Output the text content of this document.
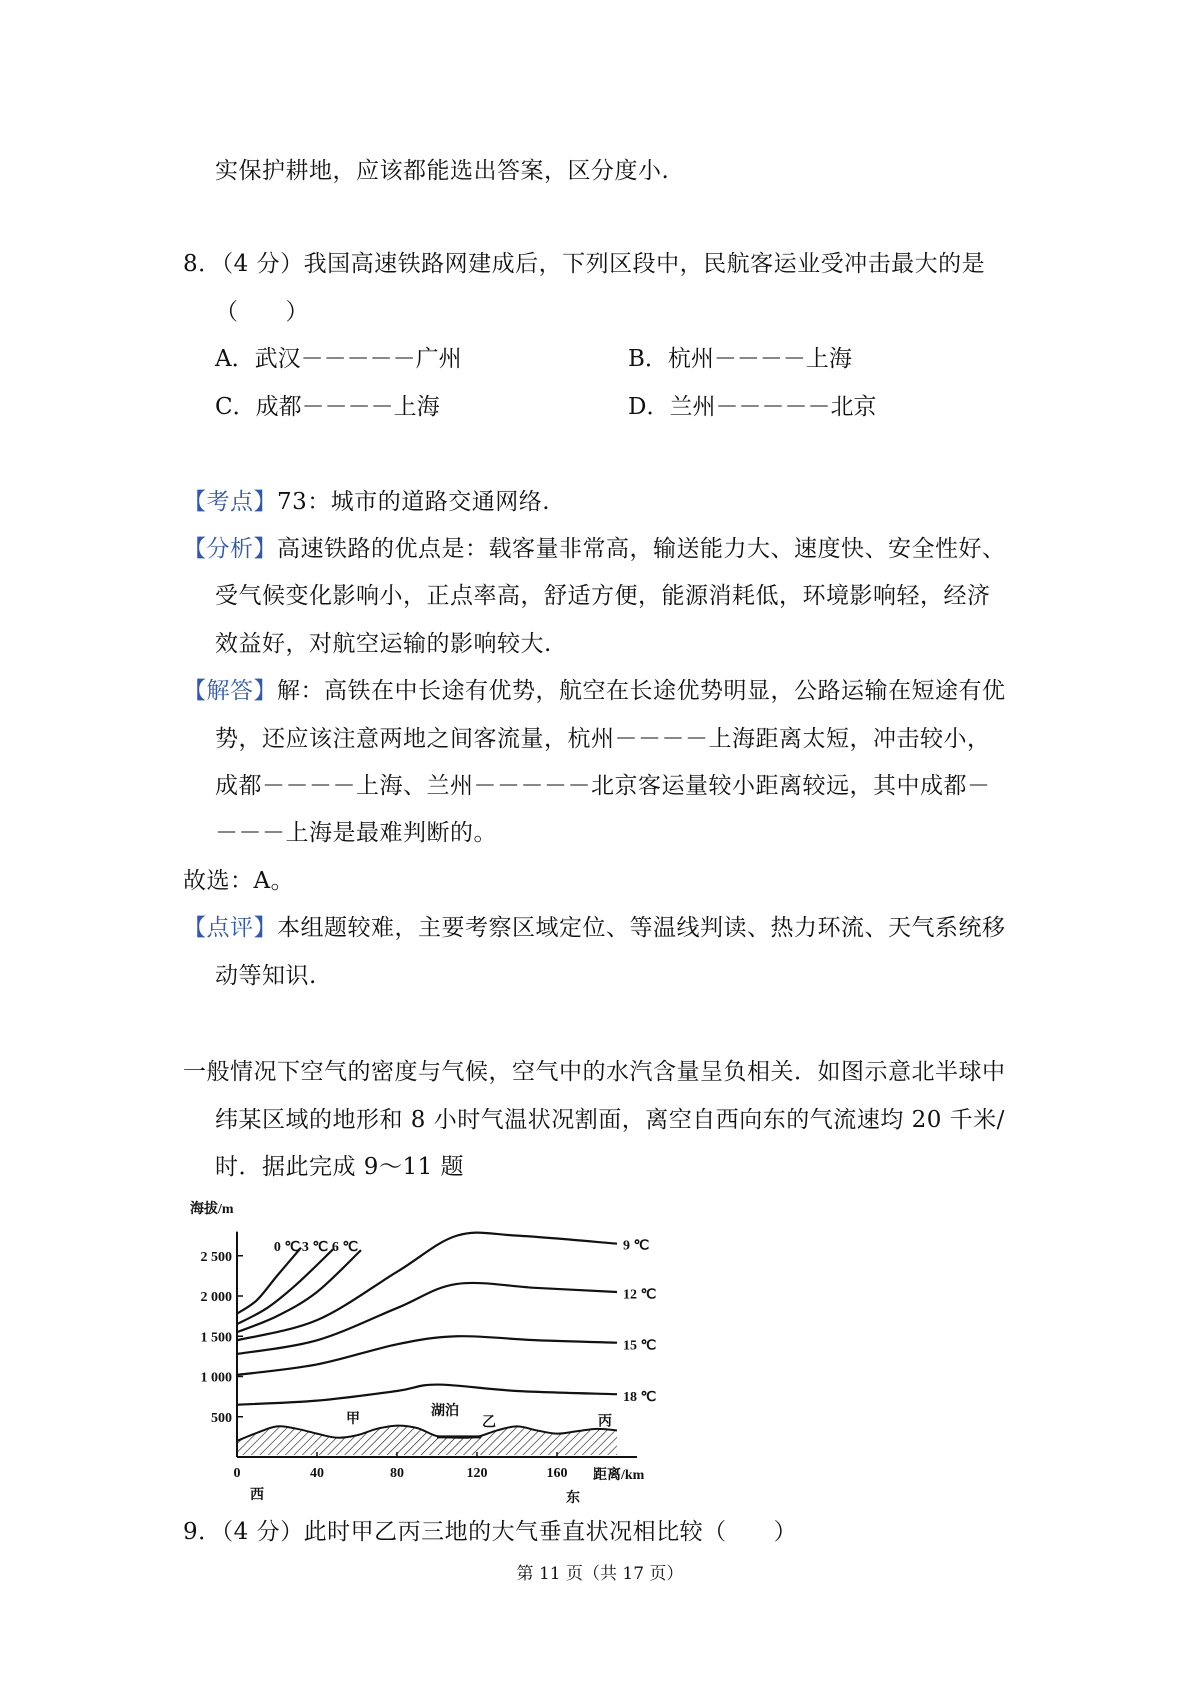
实保护耕地，应该都能选出答案，区分度小.
8．（4 分）我国高速铁路网建成后，下列区段中，民航客运业受冲击最大的是
（　　）
A．武汉－－－－－广州	B．杭州－－－－上海
C．成都－－－－上海	D．兰州－－－－－北京
【考点】73：城市的道路交通网络.
【分析】高速铁路的优点是：载客量非常高，输送能力大、速度快、安全性好、
受气候变化影响小，正点率高，舒适方便，能源消耗低，环境影响轻，经济
效益好，对航空运输的影响较大.
【解答】解：高铁在中长途有优势，航空在长途优势明显，公路运输在短途有优
势，还应该注意两地之间客流量，杭州－－－－上海距离太短，冲击较小，
成都－－－－上海、兰州－－－－－北京客运量较小距离较远，其中成都－
－－－上海是最难判断的。
故选：A。
【点评】本组题较难，主要考察区域定位、等温线判读、热力环流、天气系统移
动等知识.
一般情况下空气的密度与气候，空气中的水汽含量呈负相关．如图示意北半球中
纬某区域的地形和 8 小时气温状况割面，离空自西向东的气流速均 20 千米/
时．据此完成 9～11 题
2 500
2 000
1 500
1 000
500
0	40	80	120	160
海拔/m
距离/km
西	东
甲
湖泊
乙	丙
0 ℃ 3 ℃ 6 ℃	9 ℃
12 ℃
15 ℃
18 ℃
9．（4 分）此时甲乙丙三地的大气垂直状况相比较（　　）
第 11 页（共 17 页）
